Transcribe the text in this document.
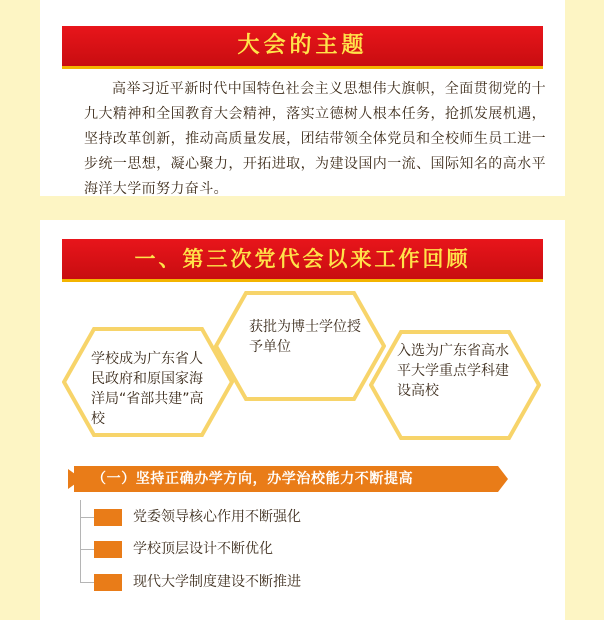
大会的主题
高举习近平新时代中国特色社会主义思想伟大旗帜，全面贯彻党的十九大精神和全国教育大会精神，落实立德树人根本任务，抢抓发展机遇，坚持改革创新，推动高质量发展，团结带领全体党员和全校师生员工进一步统一思想，凝心聚力，开拓进取，为建设国内一流、国际知名的高水平海洋大学而努力奋斗。
一、第三次党代会以来工作回顾
学校成为广东省人民政府和原国家海洋局“省部共建”高校
获批为博士学位授予单位	入选为广东省高水平大学重点学科建设高校
（一）坚持正确办学方向，办学治校能力不断提高
党委领导核心作用不断强化
学校顶层设计不断优化
现代大学制度建设不断推进
